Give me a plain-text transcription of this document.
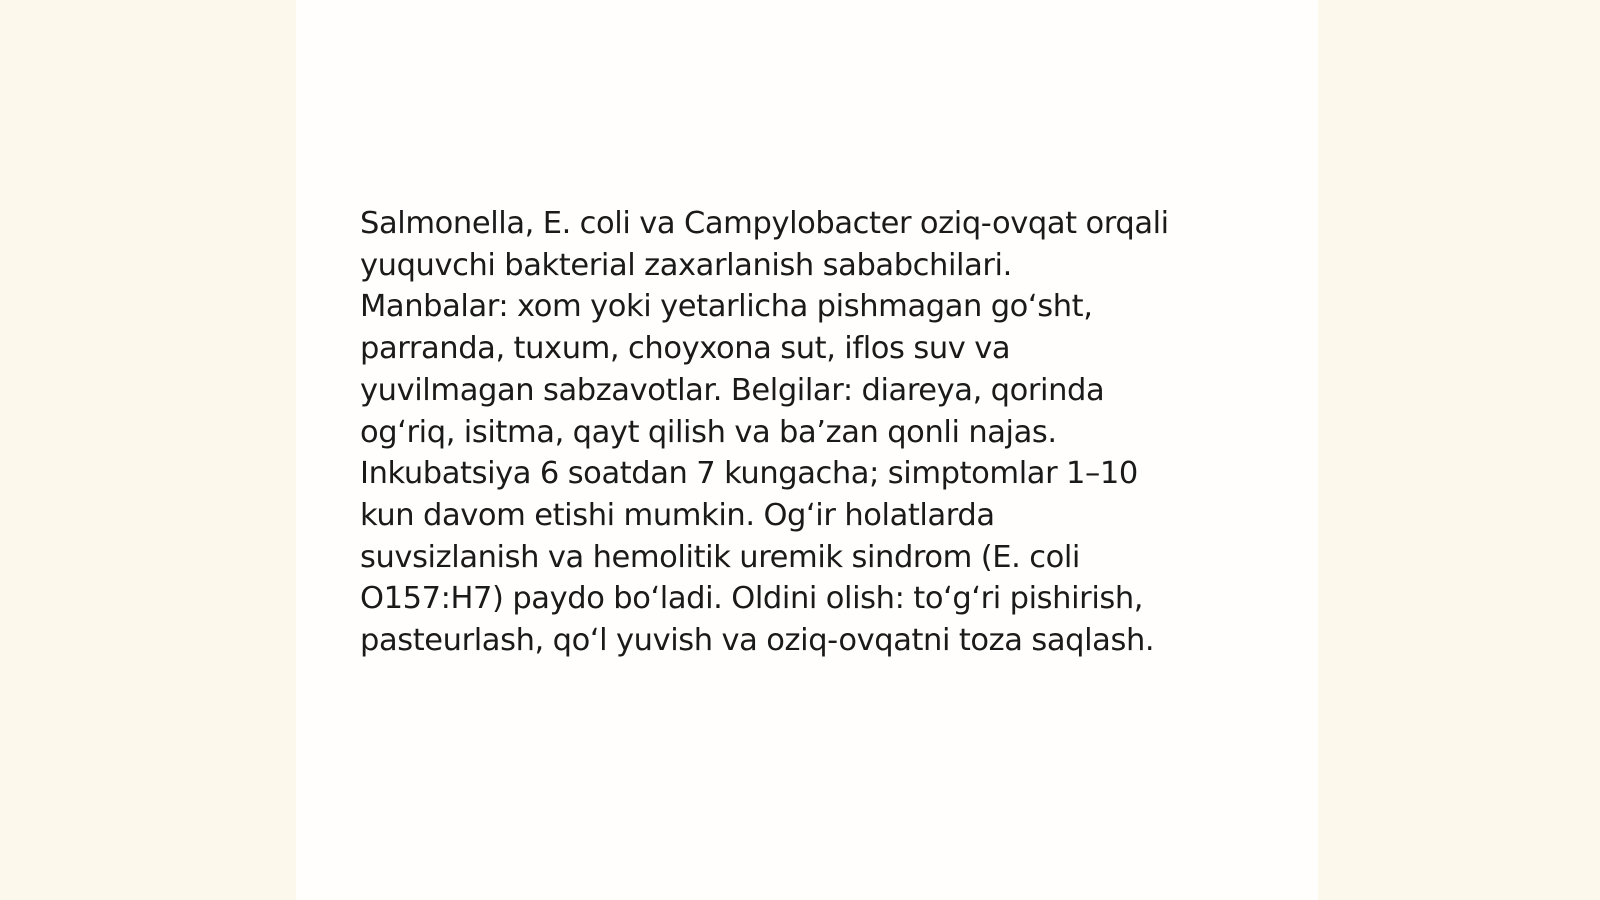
Salmonella, E. coli va Campylobacter oziq-ovqat orqali
yuquvchi bakterial zaxarlanish sababchilari.
Manbalar: xom yoki yetarlicha pishmagan go‘sht,
parranda, tuxum, choyxona sut, iflos suv va
yuvilmagan sabzavotlar. Belgilar: diareya, qorinda
og‘riq, isitma, qayt qilish va ba’zan qonli najas.
Inkubatsiya 6 soatdan 7 kungacha; simptomlar 1–10
kun davom etishi mumkin. Og‘ir holatlarda
suvsizlanish va hemolitik uremik sindrom (E. coli
O157:H7) paydo bo‘ladi. Oldini olish: to‘g‘ri pishirish,
pasteurlash, qo‘l yuvish va oziq-ovqatni toza saqlash.
